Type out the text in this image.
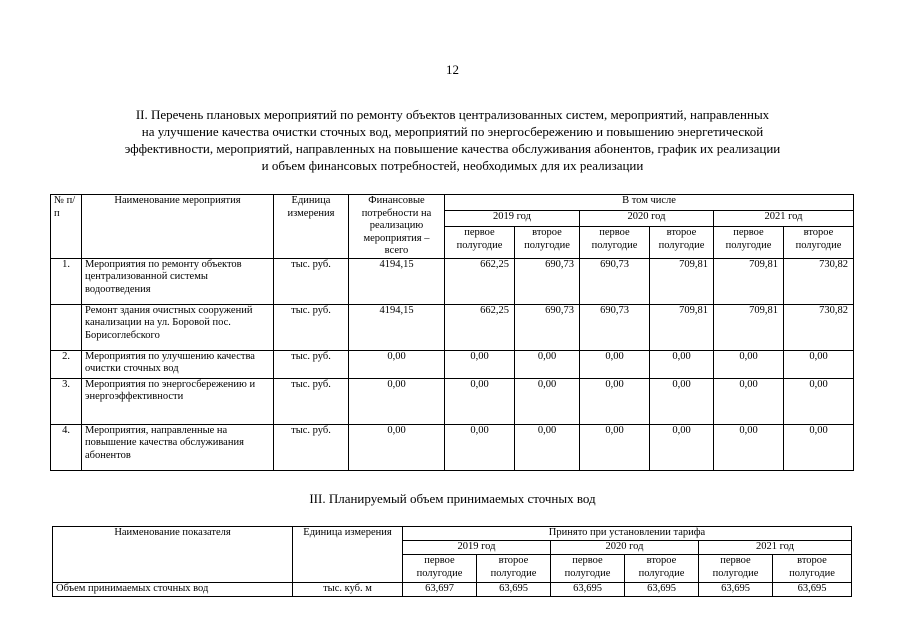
12
II. Перечень плановых мероприятий по ремонту объектов централизованных систем, мероприятий, направленных
на улучшение качества очистки сточных вод, мероприятий по энергосбережению и повышению энергетической
эффективности, мероприятий, направленных на повышение качества обслуживания абонентов, график их реализации
и объем финансовых потребностей, необходимых для их реализации
№ п/п	Наименование мероприятия	Единица измерения	Финансовые потребности на реализацию мероприятия – всего	В том числе					
				2019 год		2020 год		2021 год	
				первое полугодие	второе полугодие	первое полугодие	второе полугодие	первое полугодие	второе полугодие
1.	Мероприятия по ремонту объектов централизованной системы водоотведения	тыс. руб.	4194,15	662,25	690,73	690,73	709,81	709,81	730,82
	Ремонт здания очистных сооружений канализации на ул. Боровой пос. Борисоглебского	тыс. руб.	4194,15	662,25	690,73	690,73	709,81	709,81	730,82
2.	Мероприятия по улучшению качества очистки сточных вод	тыс. руб.	0,00	0,00	0,00	0,00	0,00	0,00	0,00
3.	Мероприятия по энергосбережению и энергоэффективности	тыс. руб.	0,00	0,00	0,00	0,00	0,00	0,00	0,00
4.	Мероприятия, направленные на повышение качества обслуживания абонентов	тыс. руб.	0,00	0,00	0,00	0,00	0,00	0,00	0,00
III. Планируемый объем принимаемых сточных вод
Наименование показателя	Единица измерения	Принято при установлении тарифа					
		2019 год		2020 год		2021 год	
		первое полугодие	второе полугодие	первое полугодие	второе полугодие	первое полугодие	второе полугодие
Объем принимаемых сточных вод	тыс. куб. м	63,697	63,695	63,695	63,695	63,695	63,695
